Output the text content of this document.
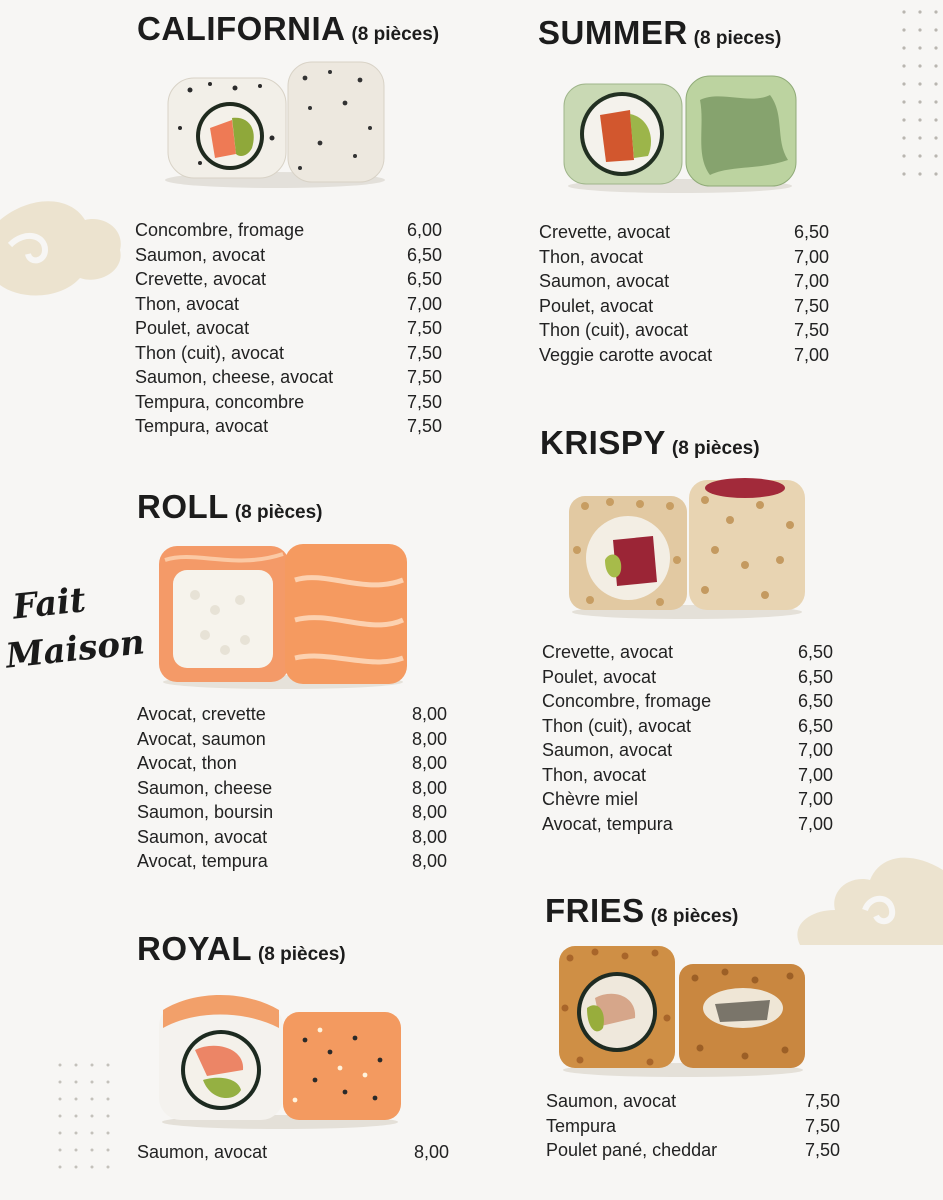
Fait
Maison
CALIFORNIA (8 pièces)
Concombre, fromage	6,00
Saumon, avocat	6,50
Crevette, avocat	6,50
Thon, avocat	7,00
Poulet, avocat	7,50
Thon (cuit), avocat	7,50
Saumon, cheese, avocat	7,50
Tempura, concombre	7,50
Tempura, avocat	7,50
SUMMER (8 pieces)
Crevette, avocat	6,50
Thon, avocat	7,00
Saumon, avocat	7,00
Poulet, avocat	7,50
Thon (cuit), avocat	7,50
Veggie carotte avocat	7,00
ROLL (8 pièces)
Avocat, crevette	8,00
Avocat, saumon	8,00
Avocat, thon	8,00
Saumon, cheese	8,00
Saumon, boursin	8,00
Saumon, avocat	8,00
Avocat, tempura	8,00
KRISPY (8 pièces)
Crevette, avocat	6,50
Poulet, avocat	6,50
Concombre, fromage	6,50
Thon (cuit), avocat	6,50
Saumon, avocat	7,00
Thon, avocat	7,00
Chèvre miel	7,00
Avocat, tempura	7,00
ROYAL (8 pièces)
Saumon, avocat	8,00
FRIES (8 pièces)
Saumon, avocat	7,50
Tempura	7,50
Poulet pané, cheddar	7,50
